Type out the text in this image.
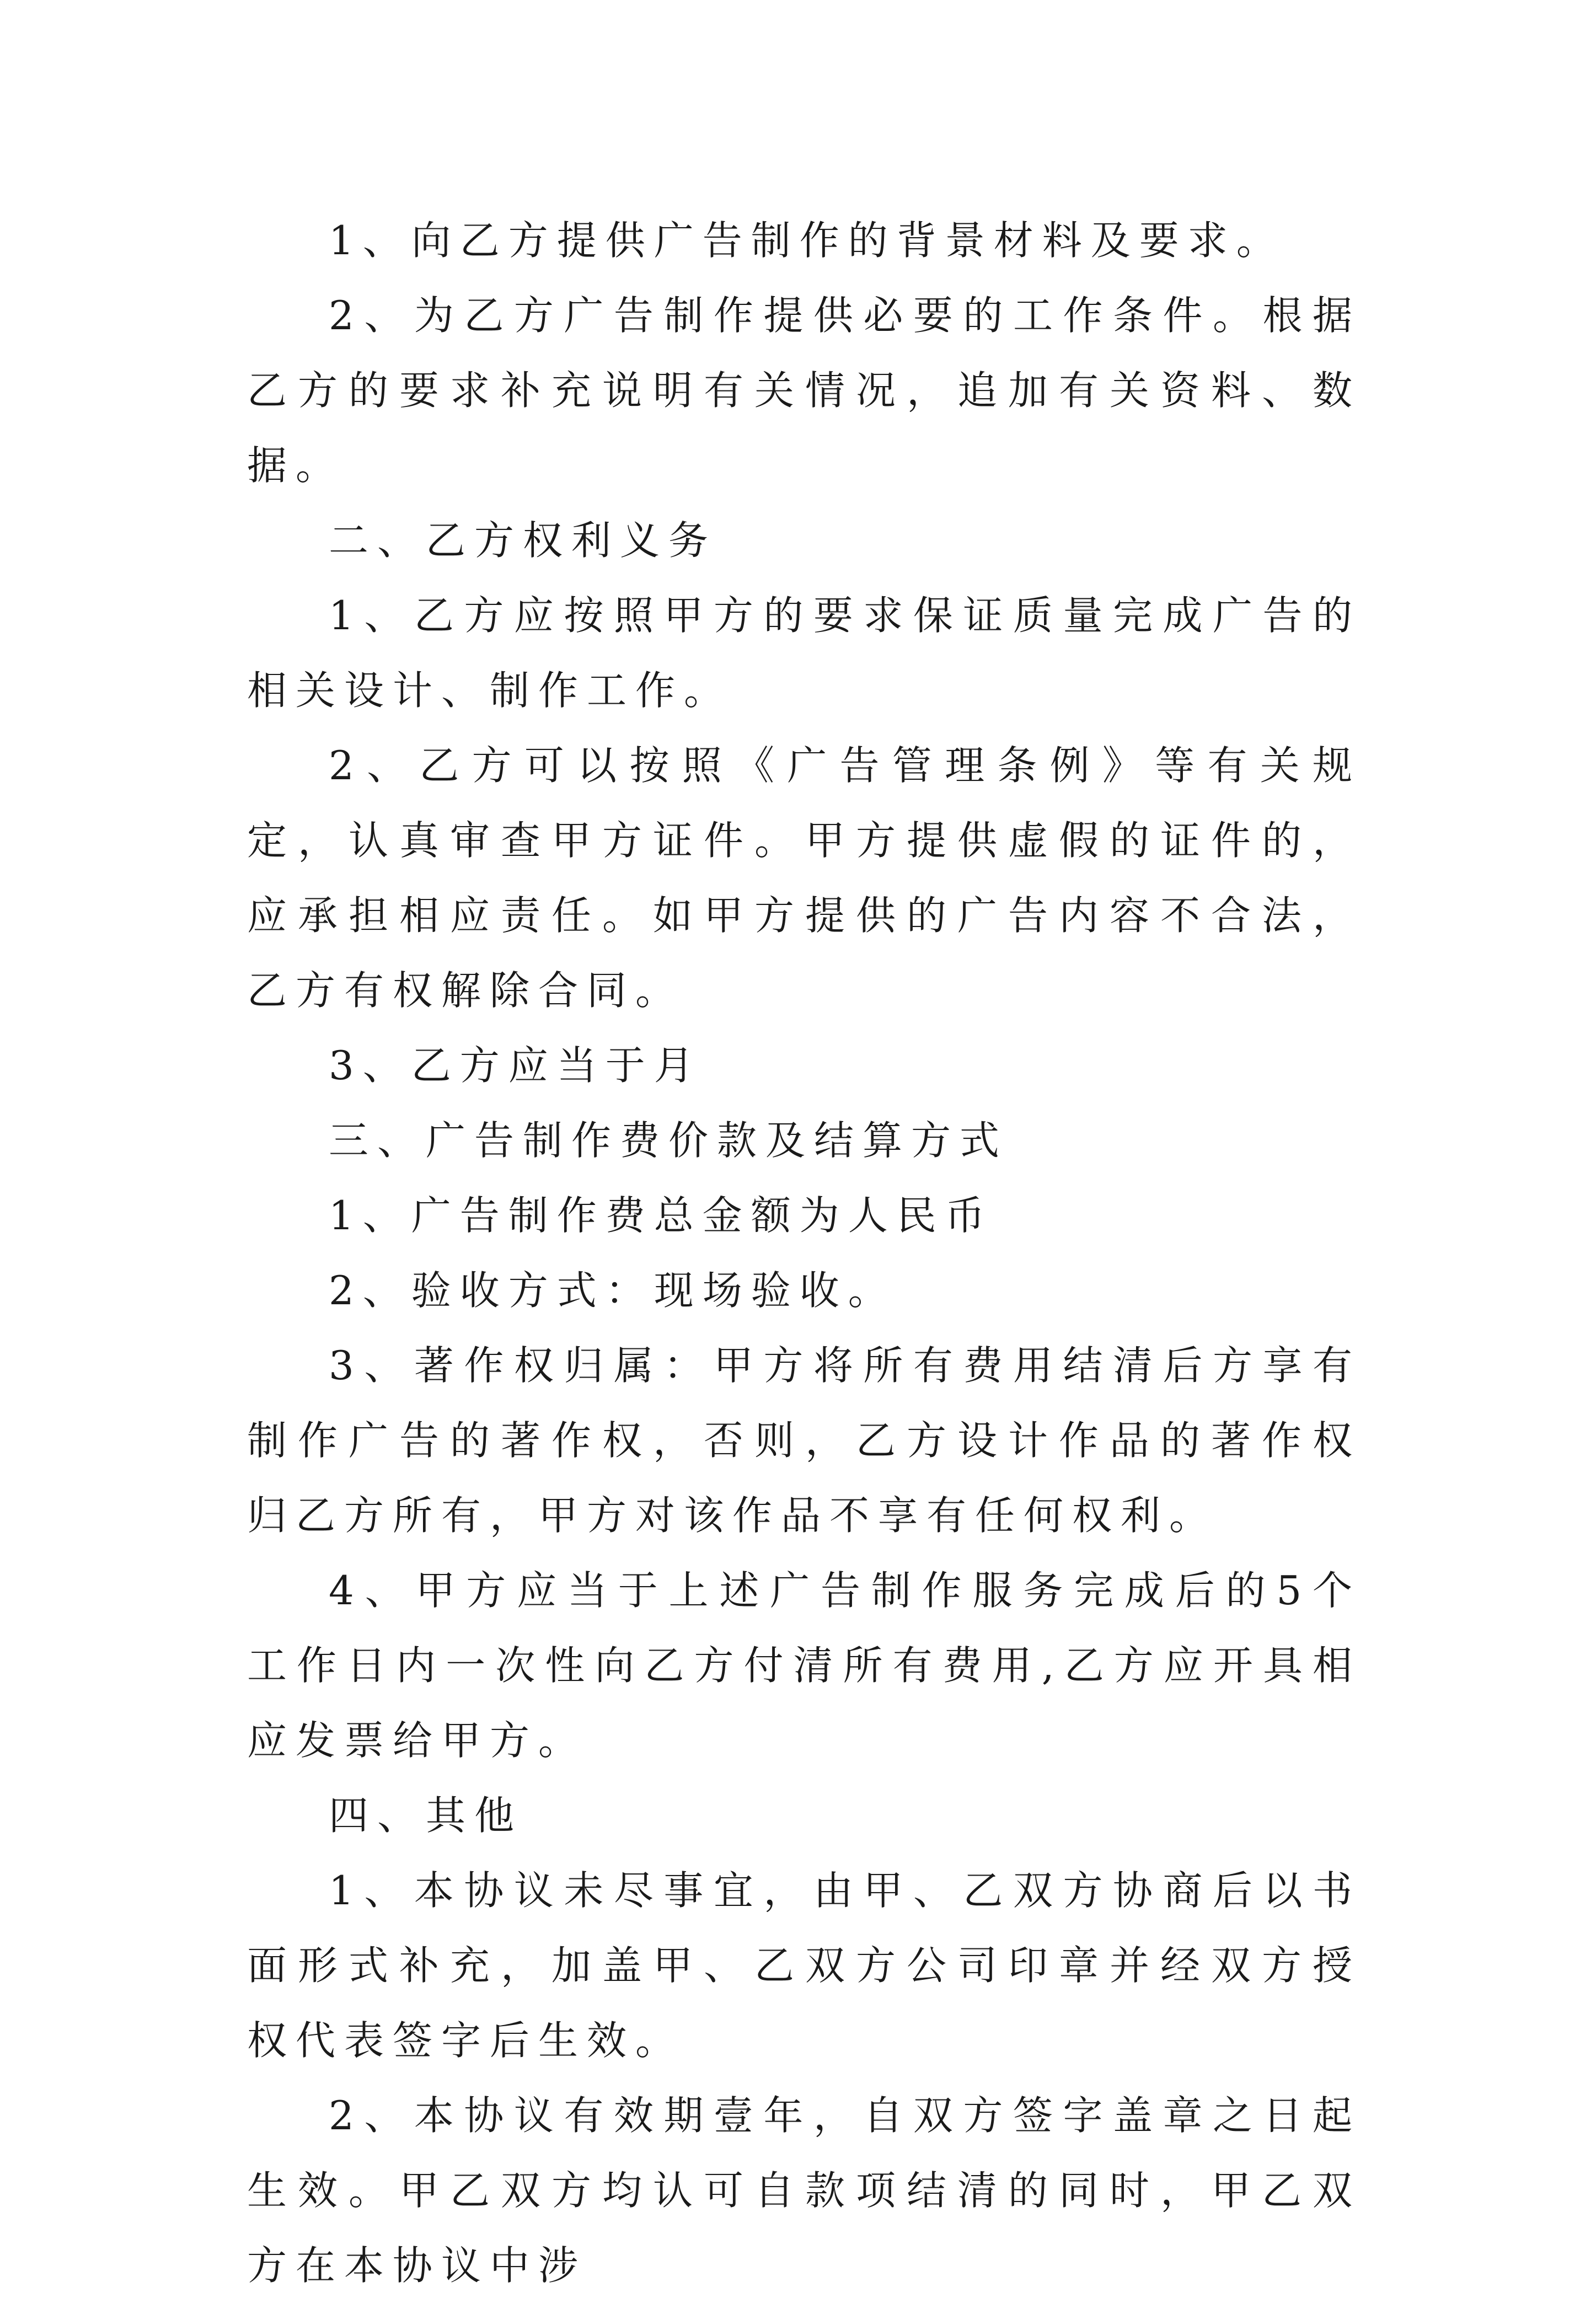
1、向乙方提供广告制作的背景材料及要求。

2、为乙方广告制作提供必要的工作条件。根据乙方的要求补充说明有关情况，追加有关资料、数据。

二、乙方权利义务

1、乙方应按照甲方的要求保证质量完成广告的相关设计、制作工作。

2、乙方可以按照《广告管理条例》等有关规定，认真审查甲方证件。甲方提供虚假的证件的，应承担相应责任。如甲方提供的广告内容不合法，乙方有权解除合同。

3、乙方应当于月

三、广告制作费价款及结算方式

1、广告制作费总金额为人民币

2、验收方式：现场验收。

3、著作权归属：甲方将所有费用结清后方享有制作广告的著作权，否则，乙方设计作品的著作权归乙方所有，甲方对该作品不享有任何权利。

4、甲方应当于上述广告制作服务完成后的5个工作日内一次性向乙方付清所有费用,乙方应开具相应发票给甲方。

四、其他

1、本协议未尽事宜，由甲、乙双方协商后以书面形式补充，加盖甲、乙双方公司印章并经双方授权代表签字后生效。

2、本协议有效期壹年，自双方签字盖章之日起生效。甲乙双方均认可自款项结清的同时，甲乙双方在本协议中涉
